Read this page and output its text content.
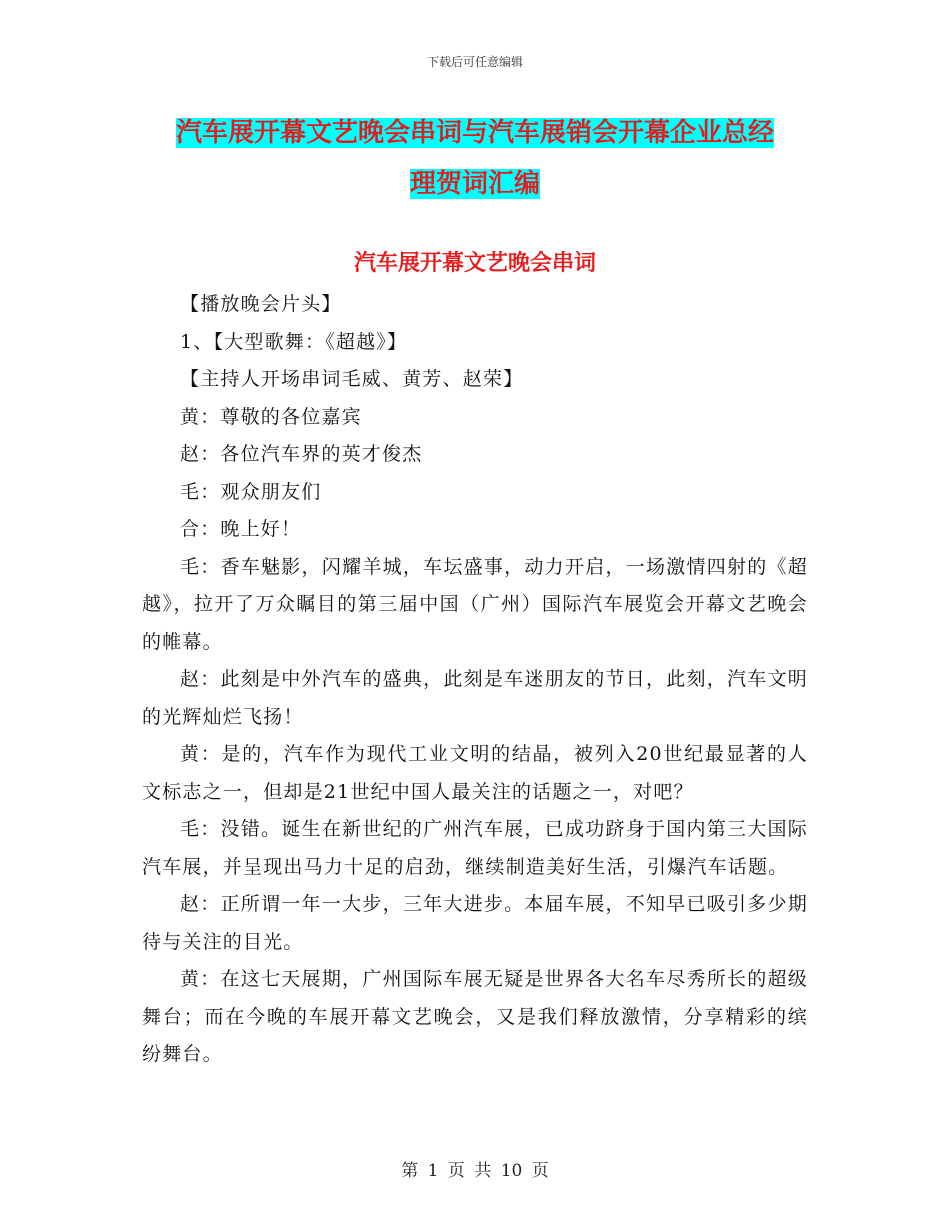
下载后可任意编辑
汽车展开幕文艺晚会串词与汽车展销会开幕企业总经
理贺词汇编
汽车展开幕文艺晚会串词

【播放晚会片头】

1、【大型歌舞：《超越》】

【主持人开场串词毛威、黄芳、赵荣】

黄：尊敬的各位嘉宾

赵：各位汽车界的英才俊杰

毛：观众朋友们

合：晚上好！

毛：香车魅影，闪耀羊城，车坛盛事，动力开启，一场激情四射的《超越》，拉开了万众瞩目的第三届中国（广州）国际汽车展览会开幕文艺晚会的帷幕。

赵：此刻是中外汽车的盛典，此刻是车迷朋友的节日，此刻，汽车文明的光辉灿烂飞扬！

黄：是的，汽车作为现代工业文明的结晶，被列入20世纪最显著的人文标志之一，但却是21世纪中国人最关注的话题之一，对吧？

毛：没错。诞生在新世纪的广州汽车展，已成功跻身于国内第三大国际汽车展，并呈现出马力十足的启劲，继续制造美好生活，引爆汽车话题。

赵：正所谓一年一大步，三年大进步。本届车展，不知早已吸引多少期待与关注的目光。

黄：在这七天展期，广州国际车展无疑是世界各大名车尽秀所长的超级舞台；而在今晚的车展开幕文艺晚会，又是我们释放激情，分享精彩的缤纷舞台。

第 1 页 共 10 页
